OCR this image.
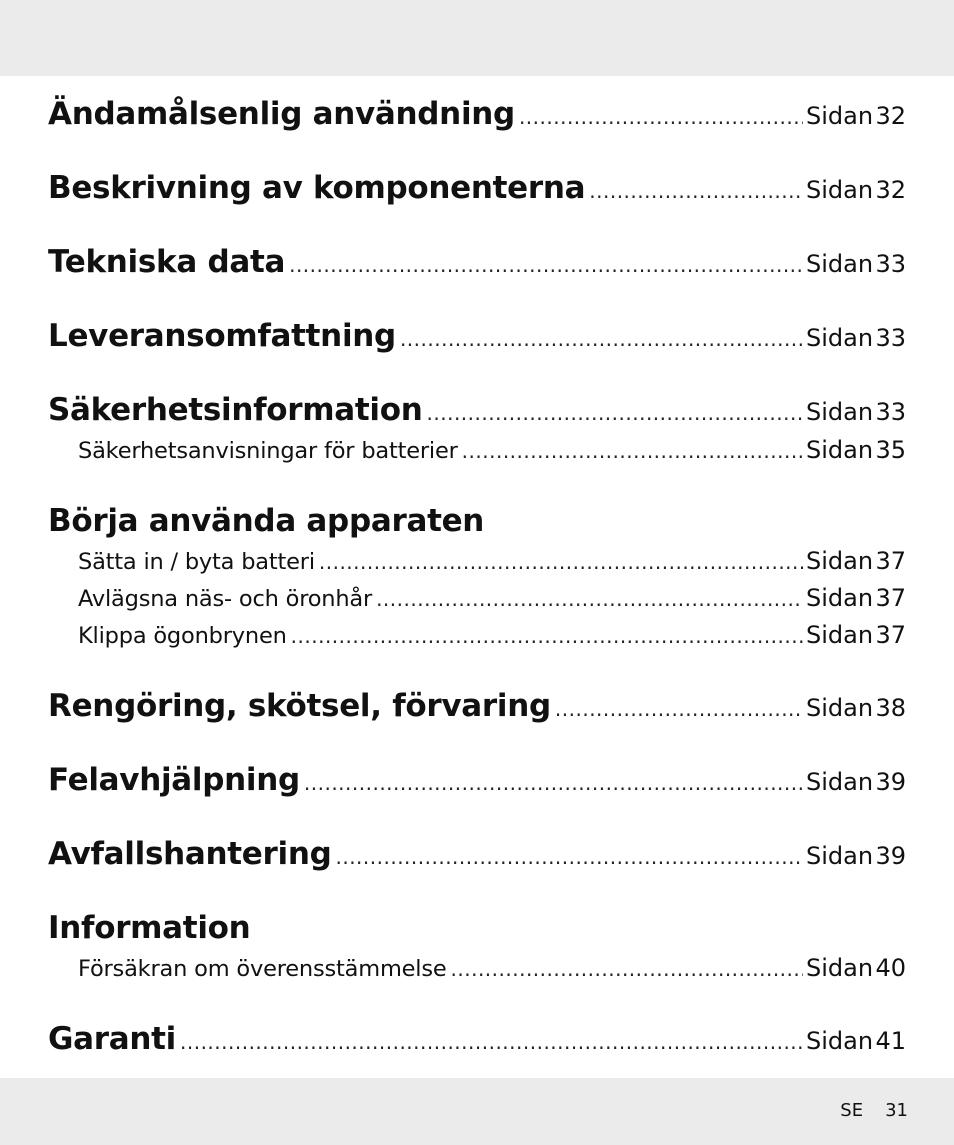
Ändamålsenlig användning .....	Sidan 32
Beskrivning av komponenterna .....	Sidan 32
Tekniska data .....	Sidan 33
Leveransomfattning .....	Sidan 33
Säkerhetsinformation .....	Sidan 33
Säkerhetsanvisningar för batterier .....	Sidan 35
Börja använda apparaten
Sätta in / byta batteri .....	Sidan 37
Avlägsna näs- och öronhår .....	Sidan 37
Klippa ögonbrynen .....	Sidan 37
Rengöring, skötsel, förvaring .....	Sidan 38
Felavhjälpning .....	Sidan 39
Avfallshantering .....	Sidan 39
Information
Försäkran om överensstämmelse .....	Sidan 40
Garanti .....	Sidan 41
SE 31
